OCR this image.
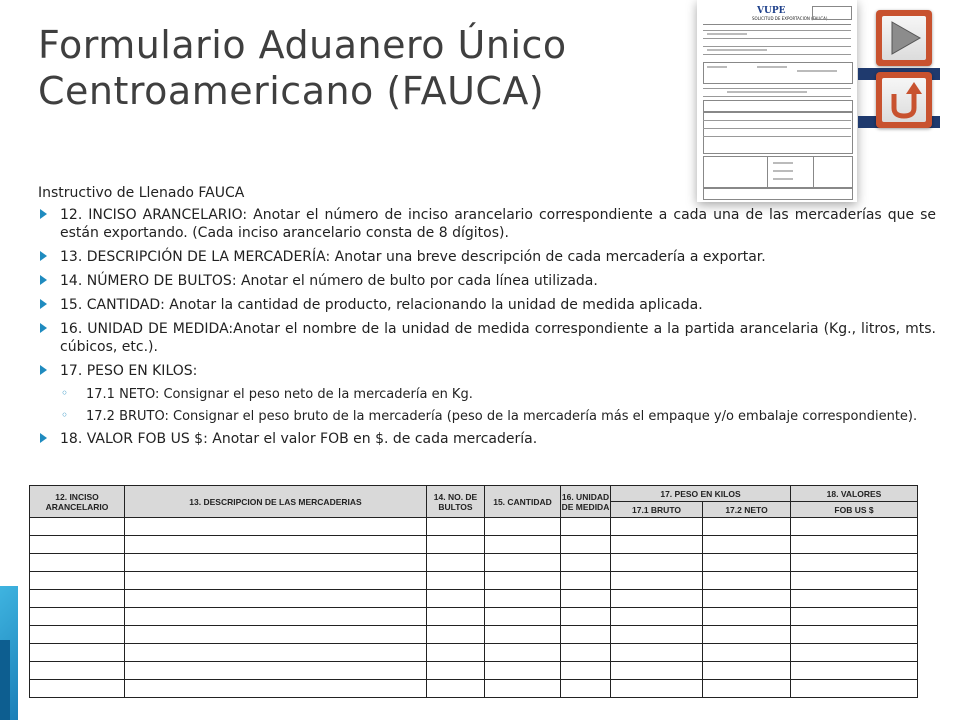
Formulario Aduanero Único
Centroamericano (FAUCA)
VUPE
SOLICITUD DE EXPORTACION (FAUCA)
Instructivo de Llenado FAUCA
12. INCISO ARANCELARIO: Anotar el número de inciso arancelario correspondiente a cada una de las mercaderías que se están exportando. (Cada inciso arancelario consta de 8 dígitos).
13. DESCRIPCIÓN DE LA MERCADERÍA: Anotar una breve descripción de cada mercadería a exportar.
14. NÚMERO DE BULTOS: Anotar el número de bulto por cada línea utilizada.
15. CANTIDAD: Anotar la cantidad de producto, relacionando la unidad de medida aplicada.
16. UNIDAD DE MEDIDA:Anotar el nombre de la unidad de medida correspondiente a la partida arancelaria (Kg., litros, mts. cúbicos, etc.).
17. PESO EN KILOS:
◦ 17.1 NETO: Consignar el peso neto de la mercadería en Kg.
◦ 17.2 BRUTO: Consignar el peso bruto de la mercadería (peso de la mercadería más el empaque y/o embalaje correspondiente).
18. VALOR FOB US $: Anotar el valor FOB en $. de cada mercadería.
12. INCISO ARANCELARIO	13. DESCRIPCION DE LAS MERCADERIAS	14. NO. DE BULTOS	15. CANTIDAD	16. UNIDAD DE MEDIDA	17. PESO EN KILOS		18. VALORES
					17.1 BRUTO	17.2 NETO	FOB US $
